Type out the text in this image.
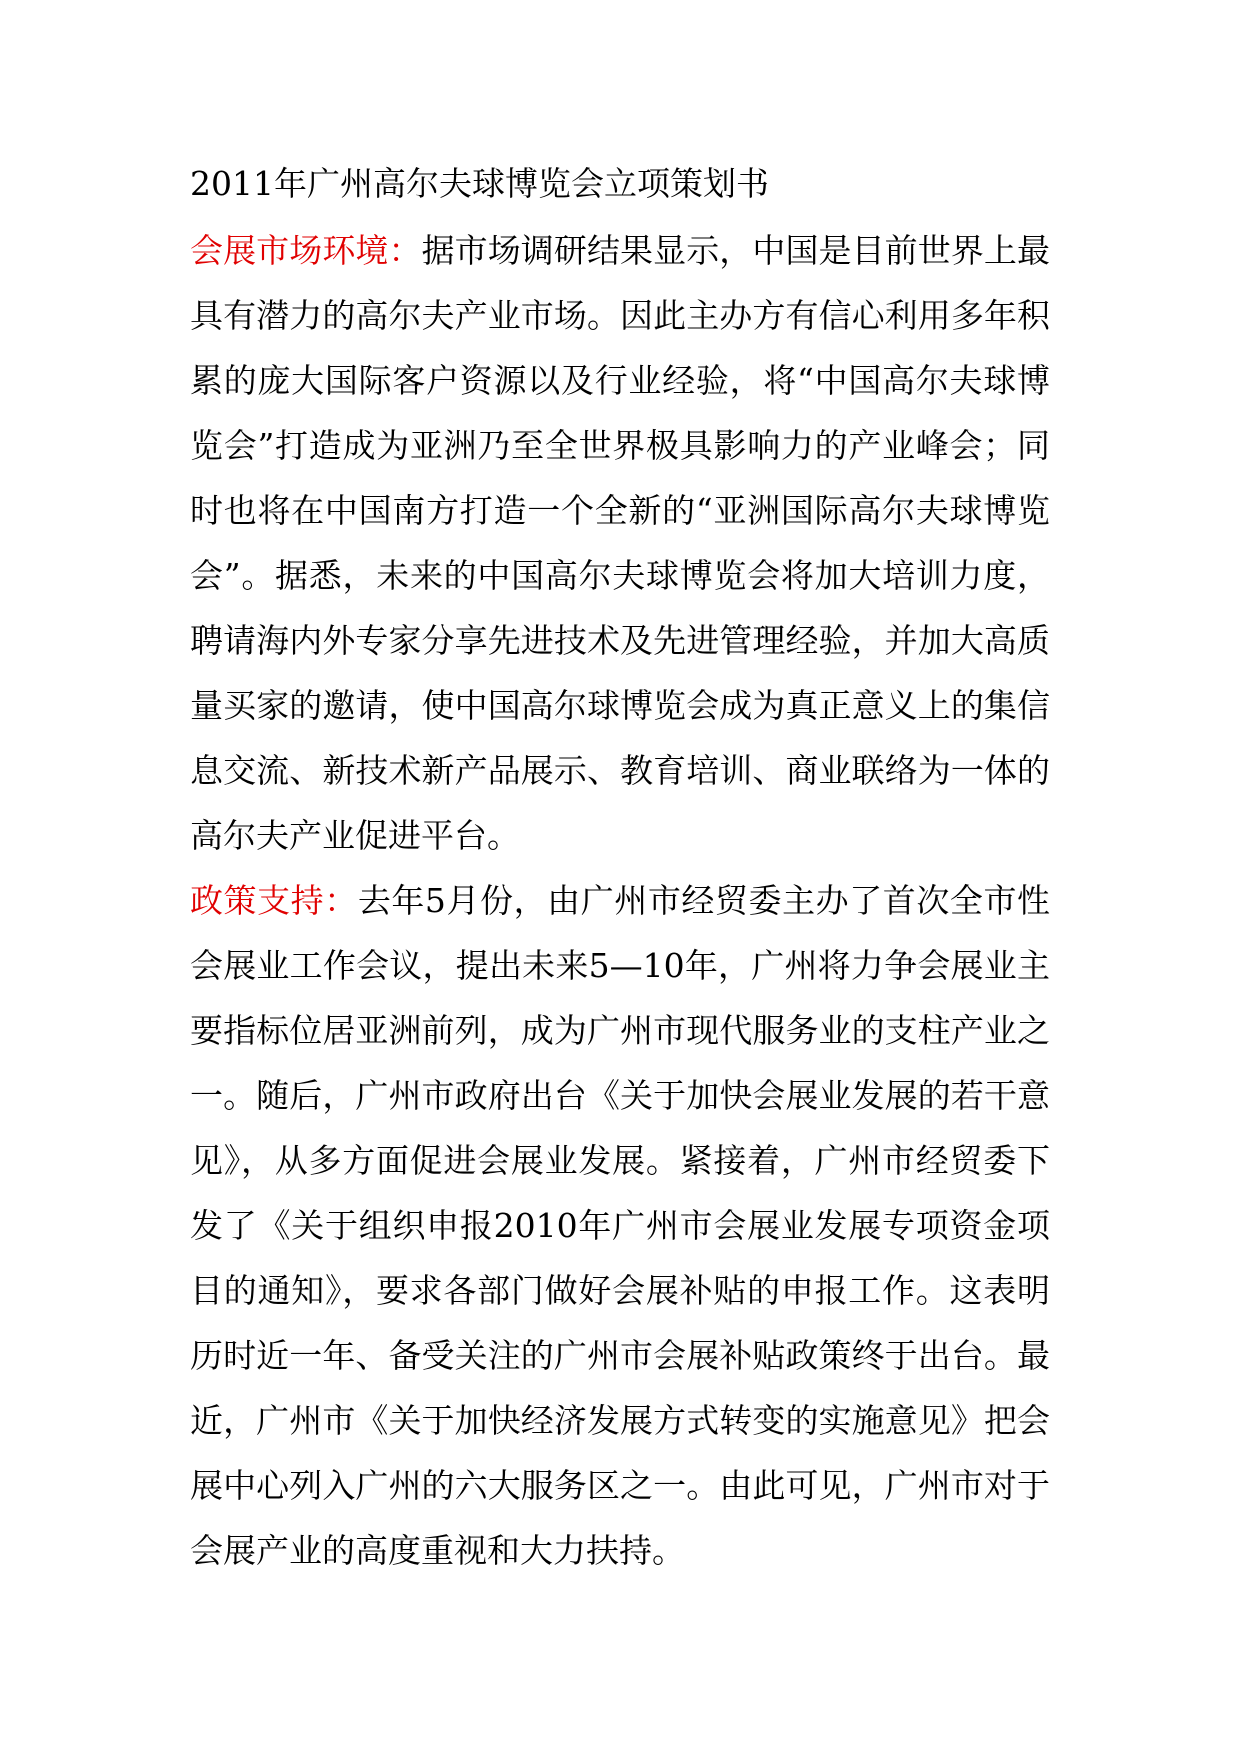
2011年广州高尔夫球博览会立项策划书

会展市场环境：据市场调研结果显示，中国是目前世界上最具有潜力的高尔夫产业市场。因此主办方有信心利用多年积累的庞大国际客户资源以及行业经验，将“中国高尔夫球博览会”打造成为亚洲乃至全世界极具影响力的产业峰会；同时也将在中国南方打造一个全新的“亚洲国际高尔夫球博览会”。据悉，未来的中国高尔夫球博览会将加大培训力度，聘请海内外专家分享先进技术及先进管理经验，并加大高质量买家的邀请，使中国高尔球博览会成为真正意义上的集信息交流、新技术新产品展示、教育培训、商业联络为一体的高尔夫产业促进平台。

政策支持：去年5月份，由广州市经贸委主办了首次全市性会展业工作会议，提出未来5—10年，广州将力争会展业主要指标位居亚洲前列，成为广州市现代服务业的支柱产业之一。随后，广州市政府出台《关于加快会展业发展的若干意见》，从多方面促进会展业发展。紧接着，广州市经贸委下发了《关于组织申报2010年广州市会展业发展专项资金项目的通知》，要求各部门做好会展补贴的申报工作。这表明历时近一年、备受关注的广州市会展补贴政策终于出台。最近，广州市《关于加快经济发展方式转变的实施意见》把会展中心列入广州的六大服务区之一。由此可见，广州市对于会展产业的高度重视和大力扶持。
